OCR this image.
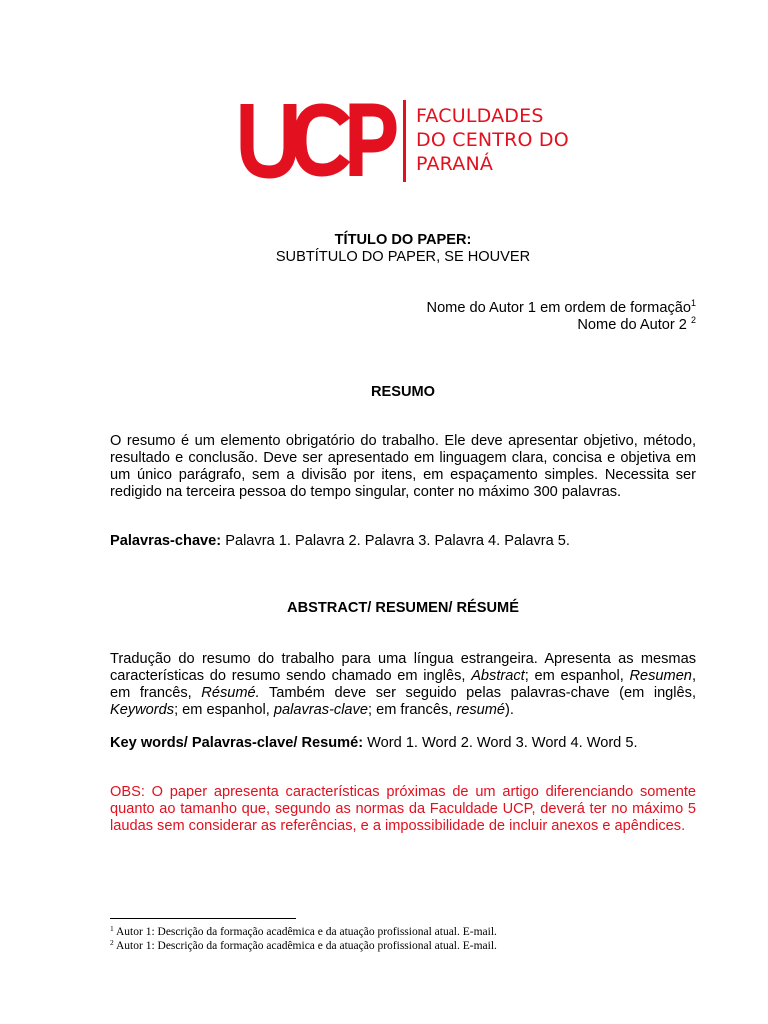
FACULDADES
DO CENTRO DO
PARANÁ
TÍTULO DO PAPER:
SUBTÍTULO DO PAPER, SE HOUVER
Nome do Autor 1 em ordem de formação$^1$
Nome do Autor 2 $^2$
RESUMO
O resumo é um elemento obrigatório do trabalho. Ele deve apresentar objetivo, método, resultado e conclusão. Deve ser apresentado em linguagem clara, concisa e objetiva em um único parágrafo, sem a divisão por itens, em espaçamento simples. Necessita ser redigido na terceira pessoa do tempo singular, conter no máximo 300 palavras.
Palavras-chave: Palavra 1. Palavra 2. Palavra 3. Palavra 4. Palavra 5.
ABSTRACT/ RESUMEN/ RÉSUMÉ
Tradução do resumo do trabalho para uma língua estrangeira. Apresenta as mesmas características do resumo sendo chamado em inglês, Abstract; em espanhol, Resumen, em francês, Résumé. Também deve ser seguido pelas palavras-chave (em inglês, Keywords; em espanhol, palavras-clave; em francês, resumé).
Key words/ Palavras-clave/ Resumé: Word 1. Word 2. Word 3. Word 4. Word 5.
OBS: O paper apresenta características próximas de um artigo diferenciando somente quanto ao tamanho que, segundo as normas da Faculdade UCP, deverá ter no máximo 5 laudas sem considerar as referências, e a impossibilidade de incluir anexos e apêndices.
$^1$ Autor 1: Descrição da formação acadêmica e da atuação profissional atual. E-mail.
$^2$ Autor 1: Descrição da formação acadêmica e da atuação profissional atual. E-mail.
